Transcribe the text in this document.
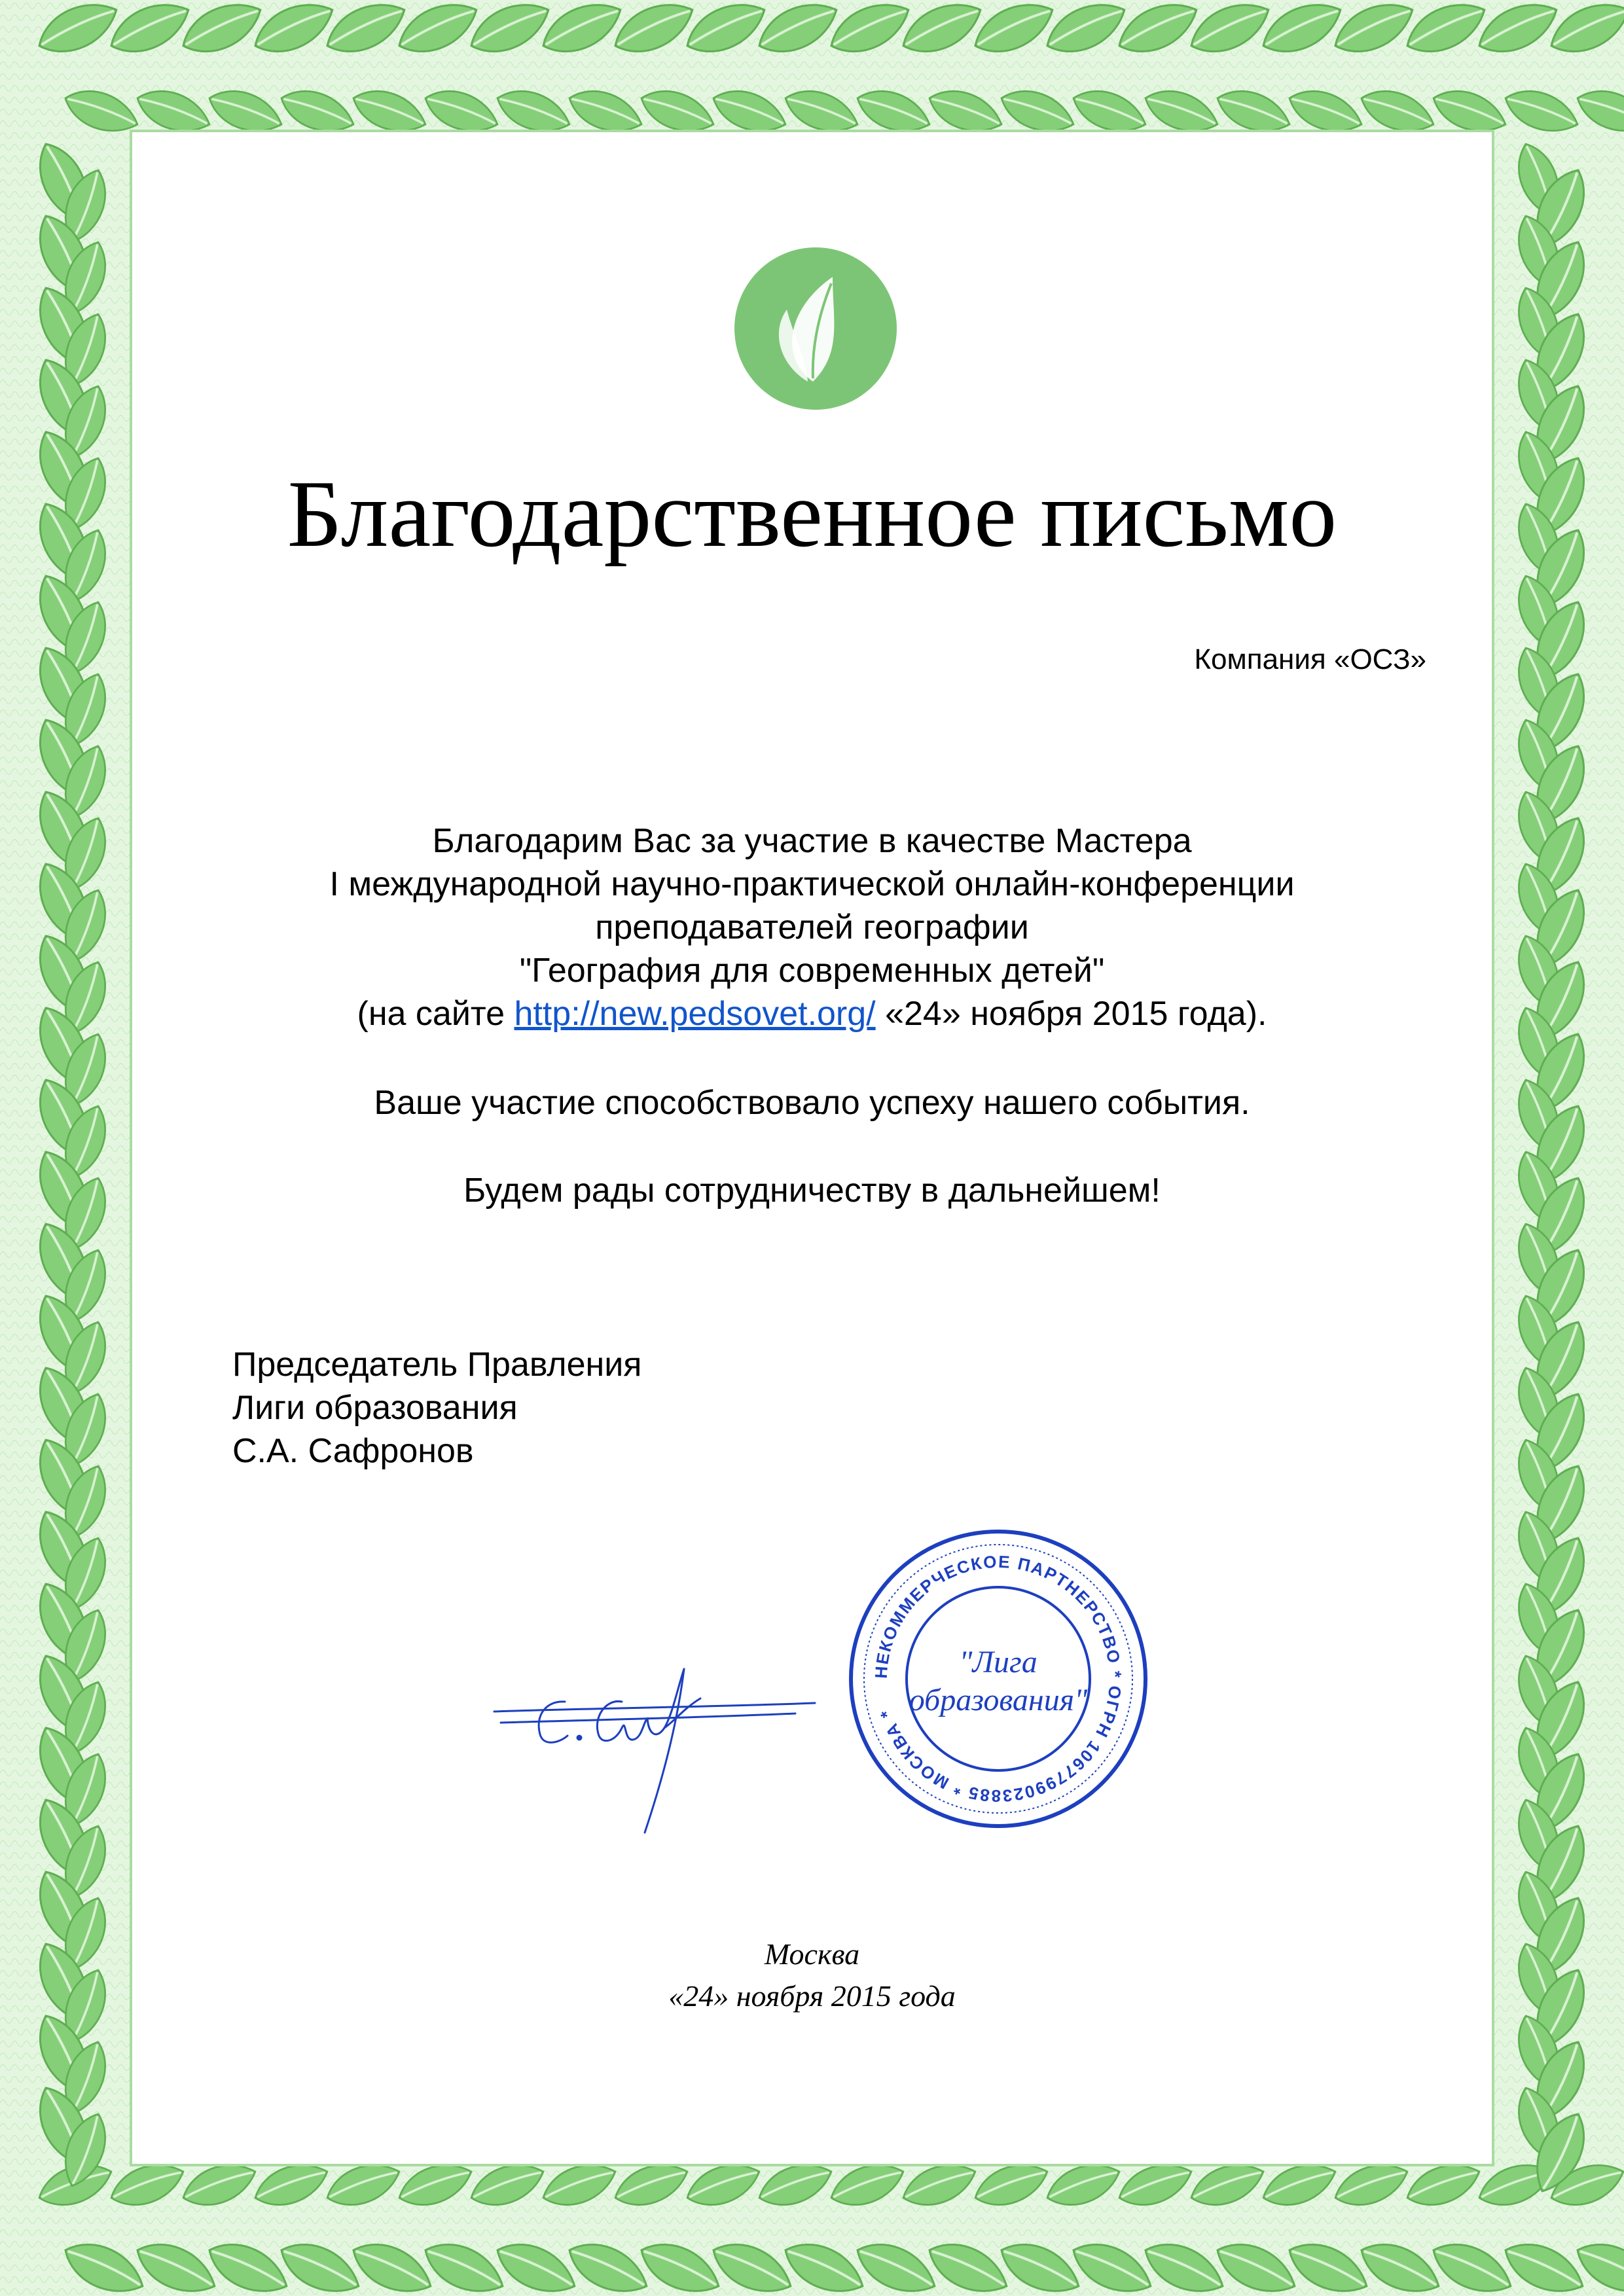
Благодарственное письмо
Компания «ОСЗ»
Благодарим Вас за участие в качестве Мастера
I международной научно-практической онлайн-конференции
преподавателей географии
"География для современных детей"
(на сайте http://new.pedsovet.org/ «24» ноября 2015 года).
Ваше участие способствовало успеху нашего события.
Будем рады сотрудничеству в дальнейшем!
Председатель Правления
Лиги образования
С.А. Сафронов
НЕКОММЕРЧЕСКОЕ ПАРТНЕРСТВО * ОГРН 1067799023885 * МОСКВА *
"Лига образования"
Москва
«24» ноября 2015 года
